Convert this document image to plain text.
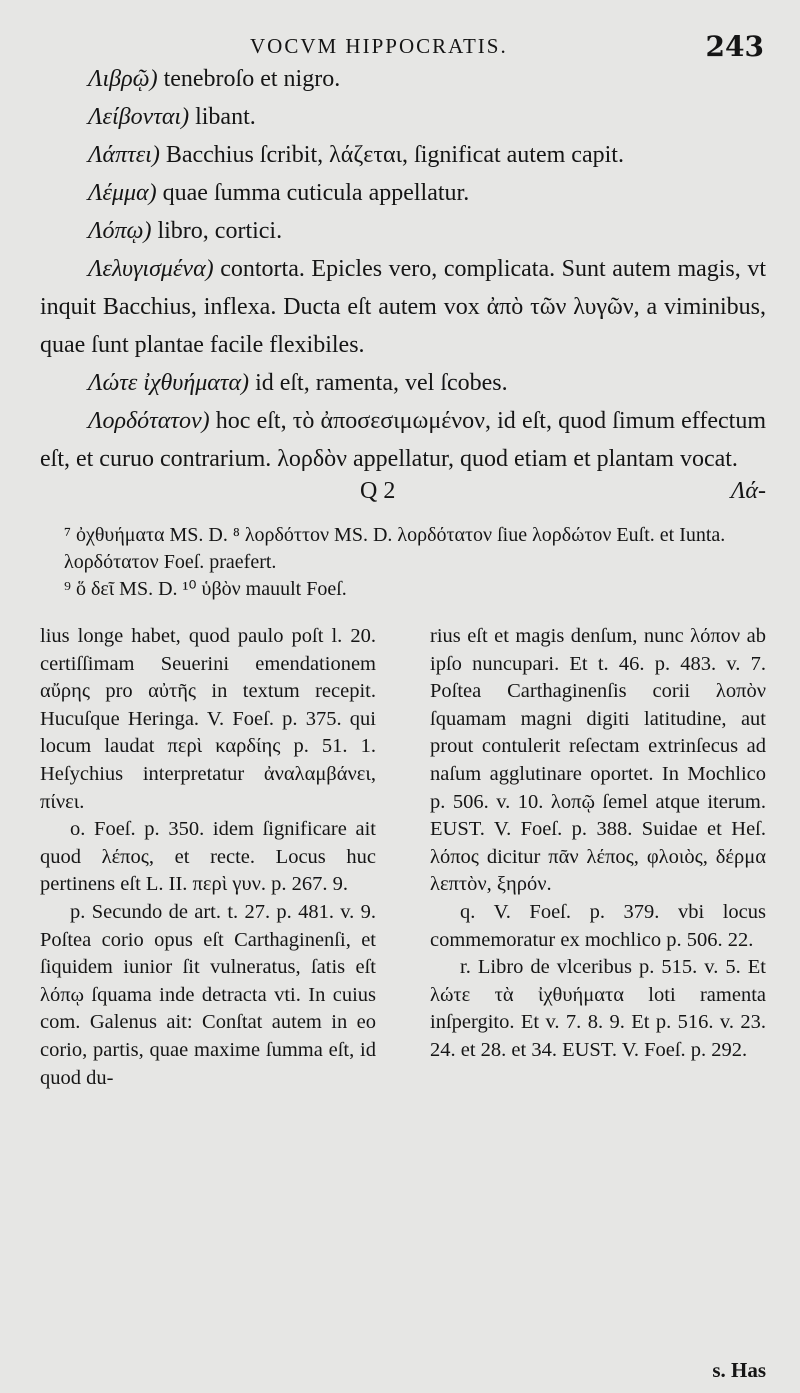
VOCVM HIPPOCRATIS.	243

Λιβρῷ) tenebroſo et nigro.

Λείβονται) libant.

Λάπτει) Bacchius ſcribit, λάζεται, ſignificat autem capit.

Λέμμα) quae ſumma cuticula appellatur.

Λόπῳ) libro, cortici.

Λελυγισμένα) contorta. Epicles vero, complicata. Sunt autem magis, vt inquit Bacchius, inflexa. Ducta eſt autem vox ἀπὸ τῶν λυγῶν, a viminibus, quae ſunt plantae facile flexibiles.

Λώτε ἰχθυήματα) id eſt, ramenta, vel ſcobes.

Λορδότατον) hoc eſt, τὸ ἀποσεσιμωμένον, id eſt, quod ſimum effectum eſt, et curuo contrarium. λορδὸν appellatur, quod etiam et plantam vocat.

Q 2	Λά-

⁷ ὀχθυήματα MS. D. ⁸ λορδόττον MS. D. λορδότατον ſiue λορδώτον Euſt. et Iunta. λορδότατον Foeſ. praefert.

⁹ ὅ δεῖ MS. D. ¹⁰ ὑβὸν mauult Foeſ.

lius longe habet, quod paulo poſt l. 20. certiſſimam Seuerini emendationem αὔρης pro αὐτῆς in textum recepit. Hucuſque Heringa. V. Foeſ. p. 375. qui locum laudat περὶ καρδίης p. 51. 1. Heſychius interpretatur ἀναλαμβάνει, πίνει.

o. Foeſ. p. 350. idem ſignificare ait quod λέπος, et recte. Locus huc pertinens eſt L. II. περὶ γυν. p. 267. 9.

p. Secundo de art. t. 27. p. 481. v. 9. Poſtea corio opus eſt Carthaginenſi, et ſiquidem iunior ſit vulneratus, ſatis eſt λόπῳ ſquama inde detracta vti. In cuius com. Galenus ait: Conſtat autem in eo corio, partis, quae maxime ſumma eſt, id quod du-

rius eſt et magis denſum, nunc λόπον ab ipſo nuncupari. Et t. 46. p. 483. v. 7. Poſtea Carthaginenſis corii λοπὸν ſquamam magni digiti latitudine, aut prout contulerit reſectam extrinſecus ad naſum agglutinare oportet. In Mochlico p. 506. v. 10. λοπῷ ſemel atque iterum. EUST. V. Foeſ. p. 388. Suidae et Heſ. λόπος dicitur πᾶν λέπος, φλοιὸς, δέρμα λεπτὸν, ξηρόν.

q. V. Foeſ. p. 379. vbi locus commemoratur ex mochlico p. 506. 22.

r. Libro de vlceribus p. 515. v. 5. Et λώτε τὰ ἰχθυήματα loti ramenta inſpergito. Et v. 7. 8. 9. Et p. 516. v. 23. 24. et 28. et 34. EUST. V. Foeſ. p. 292.

s. Has
